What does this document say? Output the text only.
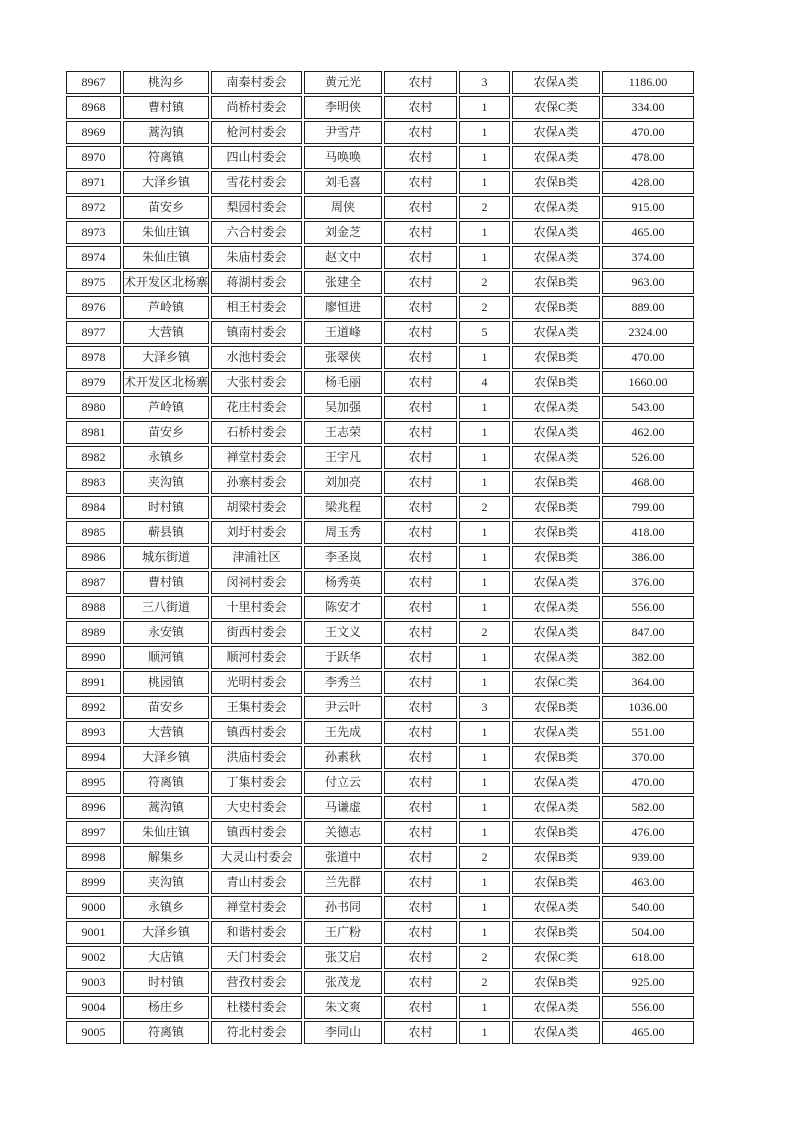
8967	桃沟乡	南秦村委会	黄元光	农村	3	农保A类	1186.00
8968	曹村镇	尚桥村委会	李明侠	农村	1	农保C类	334.00
8969	蒿沟镇	枪河村委会	尹雪芹	农村	1	农保A类	470.00
8970	符离镇	四山村委会	马唤唤	农村	1	农保A类	478.00
8971	大泽乡镇	雪花村委会	刘毛喜	农村	1	农保B类	428.00
8972	苗安乡	梨园村委会	周侠	农村	2	农保A类	915.00
8973	朱仙庄镇	六合村委会	刘金芝	农村	1	农保A类	465.00
8974	朱仙庄镇	朱庙村委会	赵文中	农村	1	农保A类	374.00
8975	术开发区北杨寨	蒋湖村委会	张建全	农村	2	农保B类	963.00
8976	芦岭镇	相王村委会	廖恒进	农村	2	农保B类	889.00
8977	大营镇	镇南村委会	王道峰	农村	5	农保A类	2324.00
8978	大泽乡镇	水池村委会	张翠侠	农村	1	农保B类	470.00
8979	术开发区北杨寨	大张村委会	杨毛丽	农村	4	农保B类	1660.00
8980	芦岭镇	花庄村委会	吴加强	农村	1	农保A类	543.00
8981	苗安乡	石桥村委会	王志荣	农村	1	农保A类	462.00
8982	永镇乡	禅堂村委会	王宇凡	农村	1	农保A类	526.00
8983	夹沟镇	孙寨村委会	刘加亮	农村	1	农保B类	468.00
8984	时村镇	胡梁村委会	梁兆程	农村	2	农保B类	799.00
8985	蕲县镇	刘圩村委会	周玉秀	农村	1	农保B类	418.00
8986	城东街道	津浦社区	李圣岚	农村	1	农保B类	386.00
8987	曹村镇	闵祠村委会	杨秀英	农村	1	农保A类	376.00
8988	三八街道	十里村委会	陈安才	农村	1	农保A类	556.00
8989	永安镇	街西村委会	王文义	农村	2	农保A类	847.00
8990	顺河镇	顺河村委会	于跃华	农村	1	农保A类	382.00
8991	桃园镇	光明村委会	李秀兰	农村	1	农保C类	364.00
8992	苗安乡	王集村委会	尹云叶	农村	3	农保B类	1036.00
8993	大营镇	镇西村委会	王先成	农村	1	农保A类	551.00
8994	大泽乡镇	洪庙村委会	孙素秋	农村	1	农保B类	370.00
8995	符离镇	丁集村委会	付立云	农村	1	农保A类	470.00
8996	蒿沟镇	大史村委会	马谦虚	农村	1	农保A类	582.00
8997	朱仙庄镇	镇西村委会	关德志	农村	1	农保B类	476.00
8998	解集乡	大灵山村委会	张道中	农村	2	农保B类	939.00
8999	夹沟镇	青山村委会	兰先群	农村	1	农保B类	463.00
9000	永镇乡	禅堂村委会	孙书同	农村	1	农保A类	540.00
9001	大泽乡镇	和谐村委会	王广粉	农村	1	农保B类	504.00
9002	大店镇	天门村委会	张艾启	农村	2	农保C类	618.00
9003	时村镇	营孜村委会	张茂龙	农村	2	农保B类	925.00
9004	杨庄乡	杜楼村委会	朱文爽	农村	1	农保A类	556.00
9005	符离镇	符北村委会	李同山	农村	1	农保A类	465.00
